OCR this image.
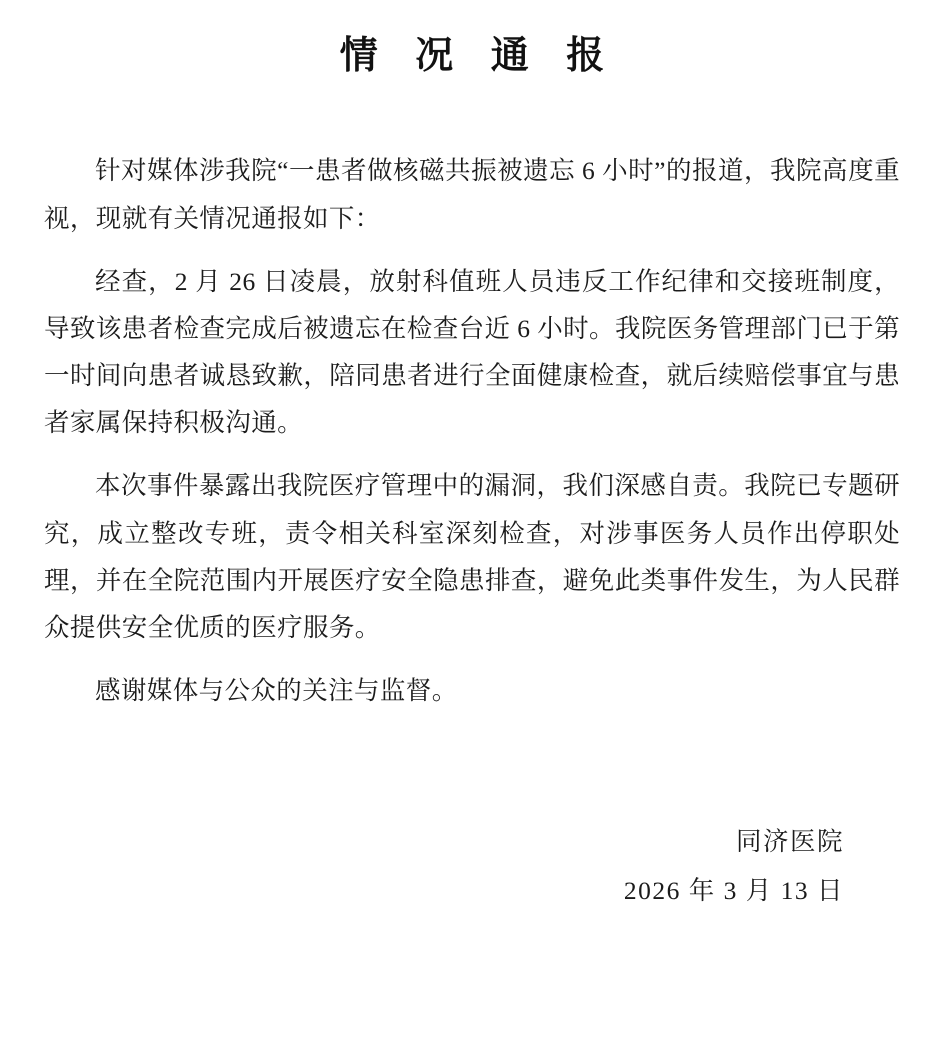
情 况 通 报

针对媒体涉我院“一患者做核磁共振被遗忘 6 小时”的报道，我院高度重视，现就有关情况通报如下：

经查，2 月 26 日凌晨，放射科值班人员违反工作纪律和交接班制度，导致该患者检查完成后被遗忘在检查台近 6 小时。我院医务管理部门已于第一时间向患者诚恳致歉，陪同患者进行全面健康检查，就后续赔偿事宜与患者家属保持积极沟通。

本次事件暴露出我院医疗管理中的漏洞，我们深感自责。我院已专题研究，成立整改专班，责令相关科室深刻检查，对涉事医务人员作出停职处理，并在全院范围内开展医疗安全隐患排查，避免此类事件发生，为人民群众提供安全优质的医疗服务。

感谢媒体与公众的关注与监督。

同济医院
2026 年 3 月 13 日
